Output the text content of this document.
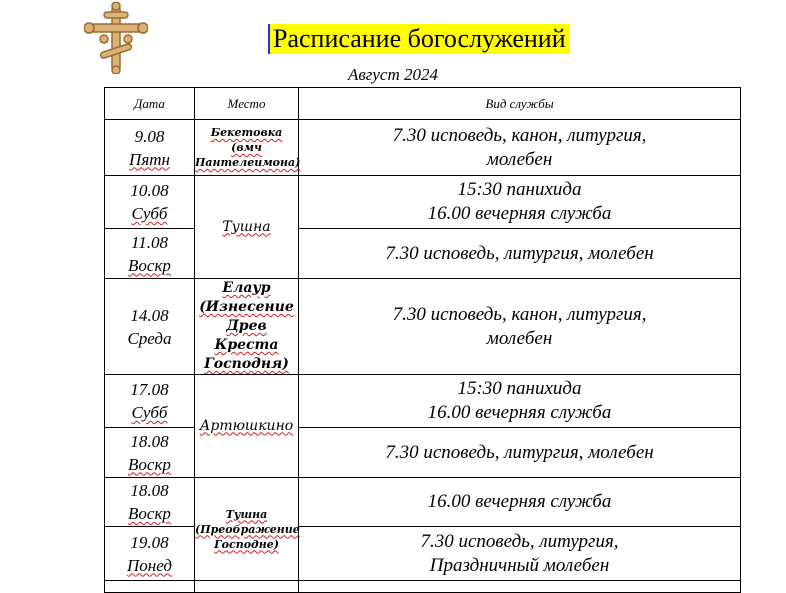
Расписание богослужений
Август 2024
Дата	Место	Вид службы

9.08
Пятн	Бекетовка
(вмч
Пантелеимона)	7.30 исповедь, канон, литургия,
молебен

10.08
Субб	Тушна	15:30 панихида
16.00 вечерняя служба

11.08
Воскр		7.30 исповедь, литургия, молебен

14.08
Среда	Елаур
(Изнесение
Древ Креста
Господня)	7.30 исповедь, канон, литургия,
молебен

17.08
Субб	Артюшкино	15:30 панихида
16.00 вечерняя служба

18.08
Воскр		7.30 исповедь, литургия, молебен

18.08
Воскр	Тушна
(Преображение
Господне)	16.00 вечерняя служба

19.08
Понед		7.30 исповедь, литургия,
Праздничный молебен
